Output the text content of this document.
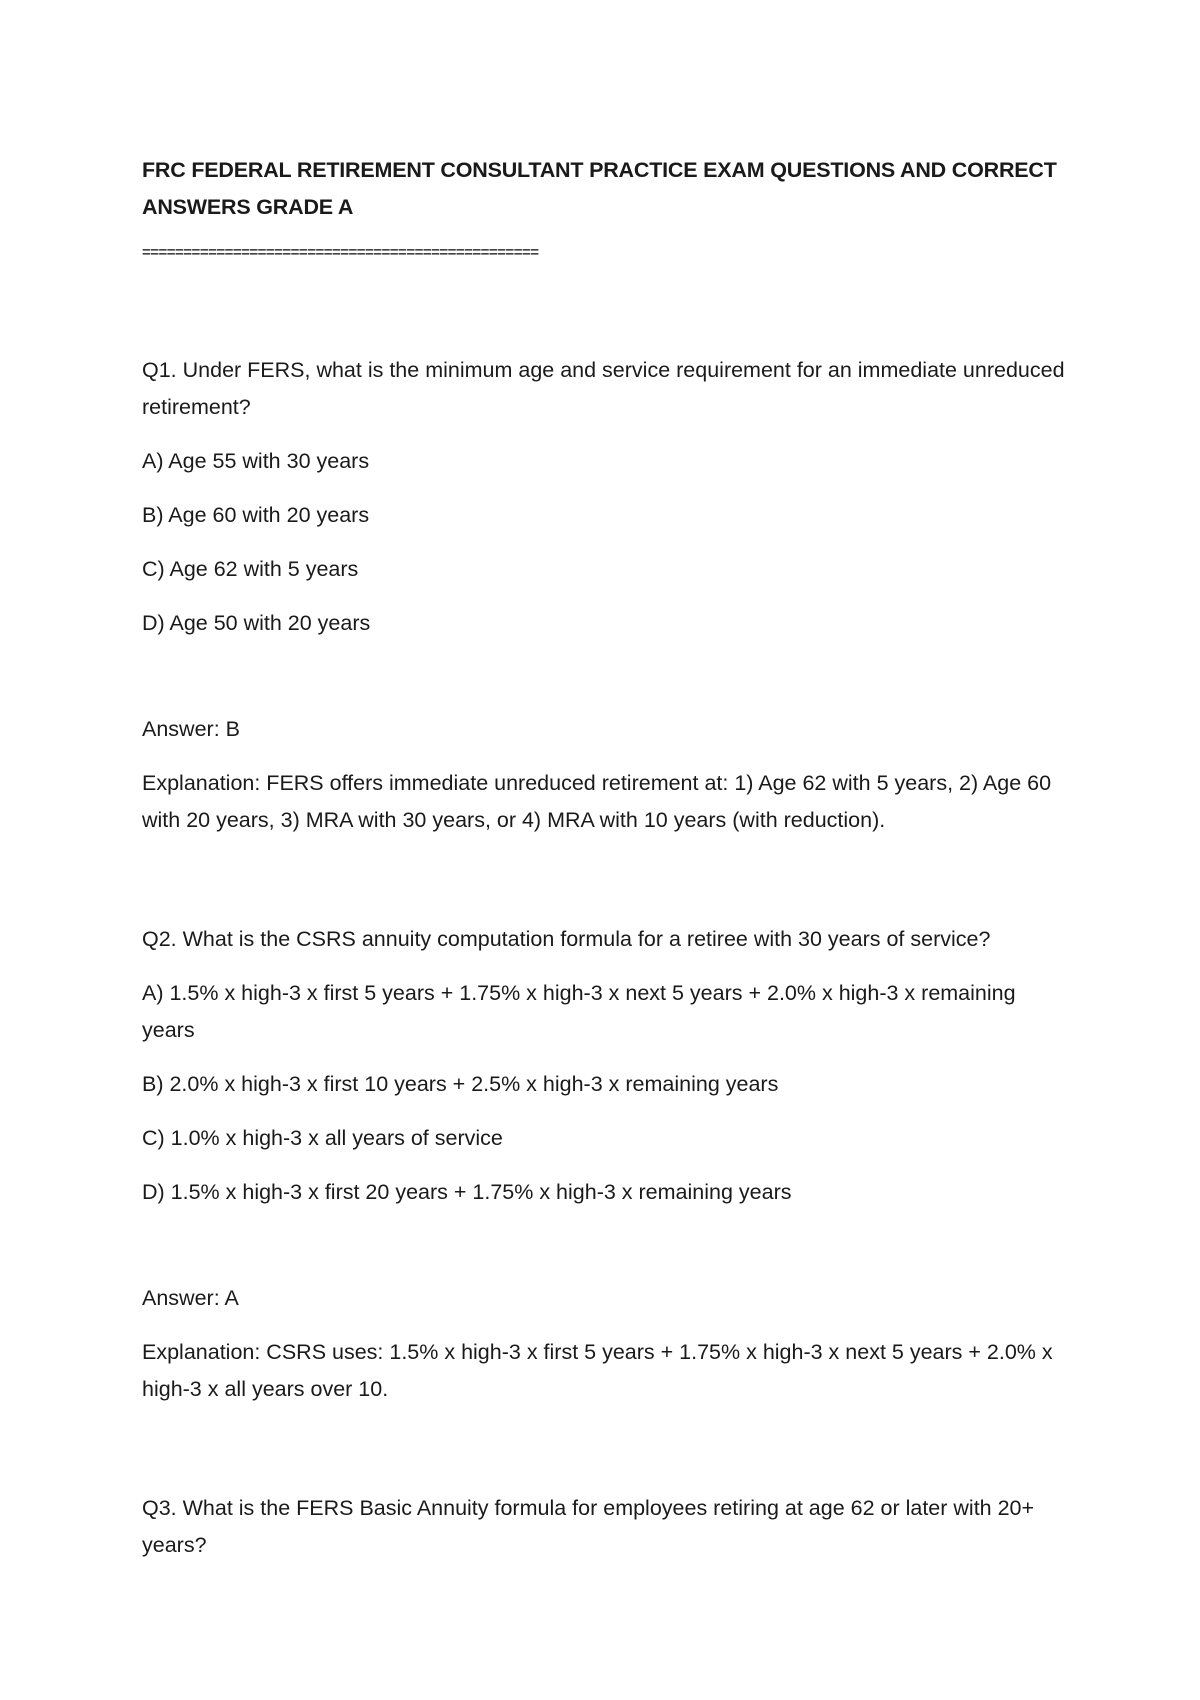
FRC FEDERAL RETIREMENT CONSULTANT PRACTICE EXAM QUESTIONS AND CORRECT ANSWERS GRADE A

================================================

Q1. Under FERS, what is the minimum age and service requirement for an immediate unreduced retirement?

A) Age 55 with 30 years

B) Age 60 with 20 years

C) Age 62 with 5 years

D) Age 50 with 20 years

Answer: B

Explanation: FERS offers immediate unreduced retirement at: 1) Age 62 with 5 years, 2) Age 60 with 20 years, 3) MRA with 30 years, or 4) MRA with 10 years (with reduction).

Q2. What is the CSRS annuity computation formula for a retiree with 30 years of service?

A) 1.5% x high-3 x first 5 years + 1.75% x high-3 x next 5 years + 2.0% x high-3 x remaining years

B) 2.0% x high-3 x first 10 years + 2.5% x high-3 x remaining years

C) 1.0% x high-3 x all years of service

D) 1.5% x high-3 x first 20 years + 1.75% x high-3 x remaining years

Answer: A

Explanation: CSRS uses: 1.5% x high-3 x first 5 years + 1.75% x high-3 x next 5 years + 2.0% x high-3 x all years over 10.

Q3. What is the FERS Basic Annuity formula for employees retiring at age 62 or later with 20+ years?
